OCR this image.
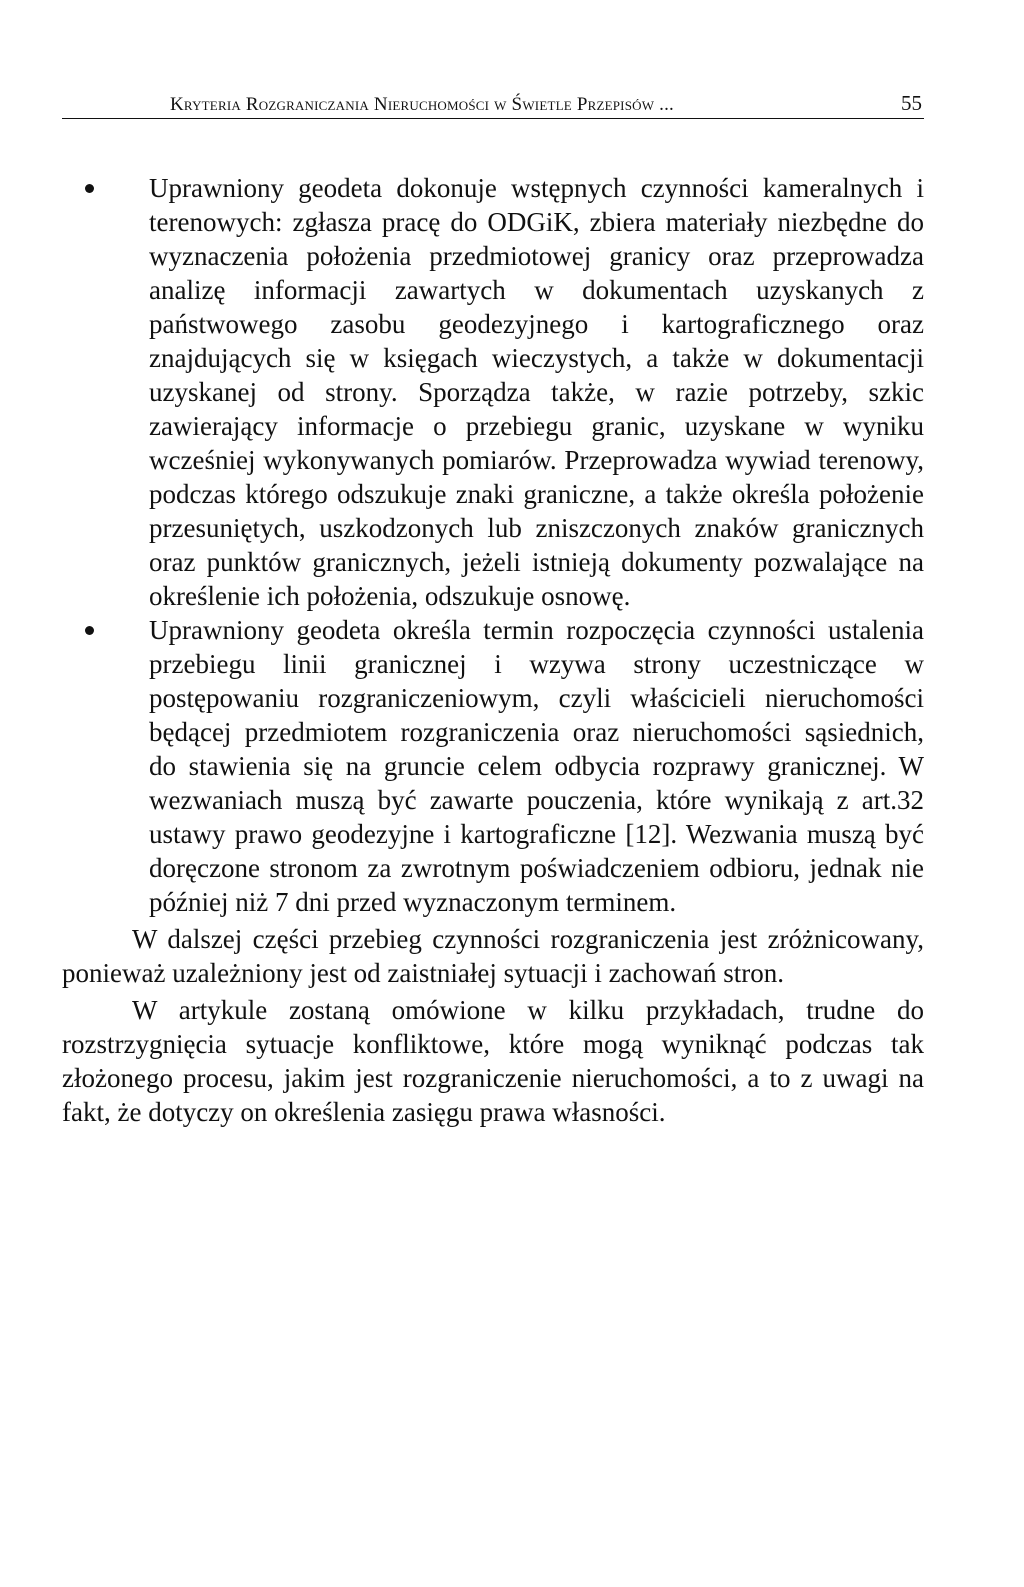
Kryteria Rozgraniczania Nieruchomości w Świetle Przepisów ...	55

Uprawniony geodeta dokonuje wstępnych czynności kameralnych i terenowych: zgłasza pracę do ODGiK, zbiera materiały niezbędne do wyznaczenia położenia przedmiotowej granicy oraz przeprowadza analizę informacji zawartych w dokumentach uzyskanych z państwowego zasobu geodezyjnego i kartograficznego oraz znajdujących się w księgach wieczystych, a także w dokumentacji uzyskanej od strony. Sporządza także, w razie potrzeby, szkic zawierający informacje o przebiegu granic, uzyskane w wyniku wcześniej wykonywanych pomiarów. Przeprowadza wywiad terenowy, podczas którego odszukuje znaki graniczne, a także określa położenie przesuniętych, uszkodzonych lub zniszczonych znaków granicznych oraz punktów granicznych, jeżeli istnieją dokumenty pozwalające na określenie ich położenia, odszukuje osnowę.

Uprawniony geodeta określa termin rozpoczęcia czynności ustalenia przebiegu linii granicznej i wzywa strony uczestniczące w postępowaniu rozgraniczeniowym, czyli właścicieli nieruchomości będącej przedmiotem rozgraniczenia oraz nieruchomości sąsiednich, do stawienia się na gruncie celem odbycia rozprawy granicznej. W wezwaniach muszą być zawarte pouczenia, które wynikają z art.32 ustawy prawo geodezyjne i kartograficzne [12]. Wezwania muszą być doręczone stronom za zwrotnym poświadczeniem odbioru, jednak nie później niż 7 dni przed wyznaczonym terminem.

W dalszej części przebieg czynności rozgraniczenia jest zróżnicowany, ponieważ uzależniony jest od zaistniałej sytuacji i zachowań stron.

W artykule zostaną omówione w kilku przykładach, trudne do rozstrzygnięcia sytuacje konfliktowe, które mogą wyniknąć podczas tak złożonego procesu, jakim jest rozgraniczenie nieruchomości, a to z uwagi na fakt, że dotyczy on określenia zasięgu prawa własności.
